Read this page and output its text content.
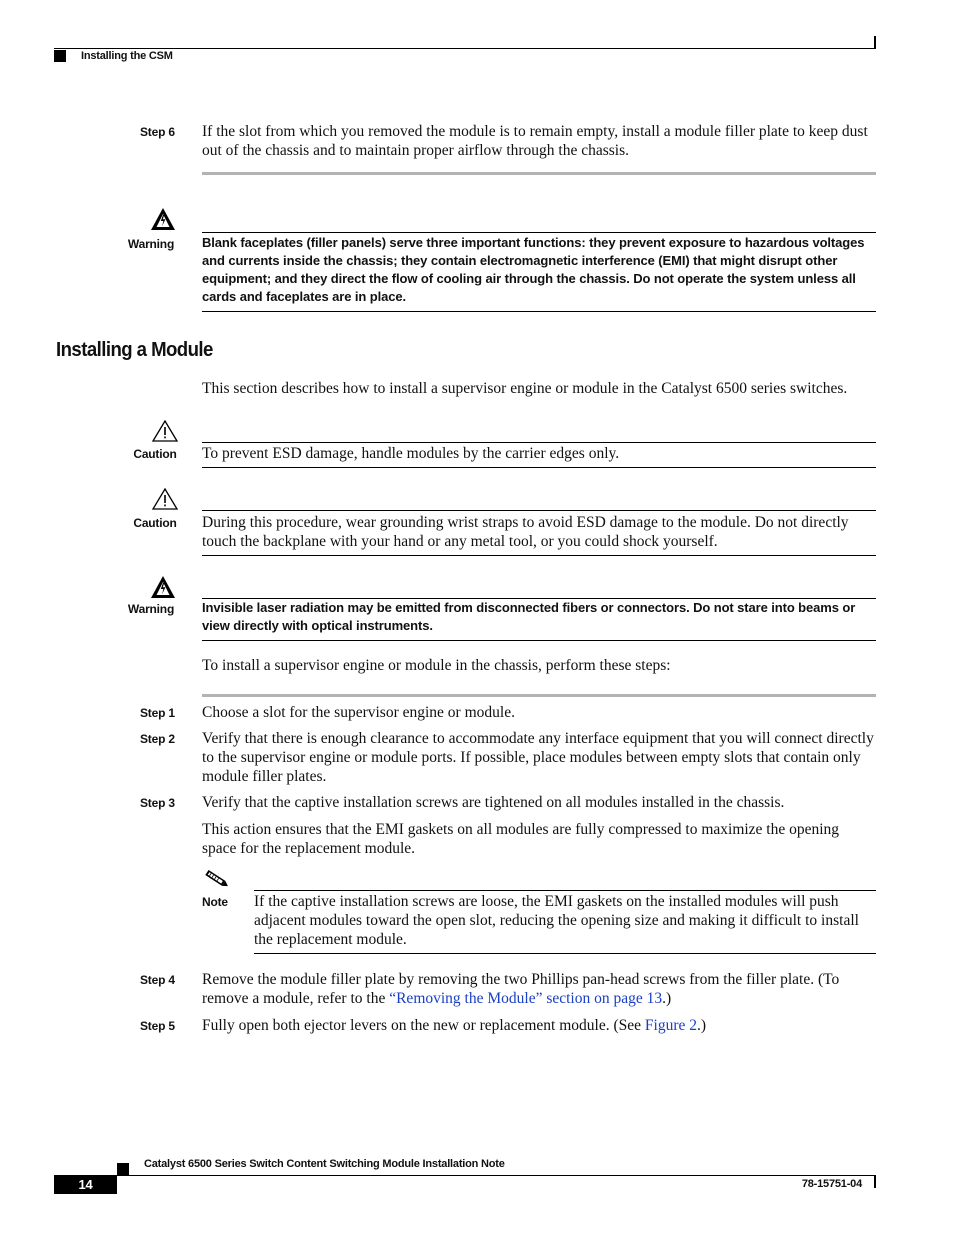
Installing the CSM
Step 6 If the slot from which you removed the module is to remain empty, install a module filler plate to keep dust out of the chassis and to maintain proper airflow through the chassis.
Warning	Blank faceplates (filler panels) serve three important functions: they prevent exposure to hazardous voltages and currents inside the chassis; they contain electromagnetic interference (EMI) that might disrupt other equipment; and they direct the flow of cooling air through the chassis. Do not operate the system unless all cards and faceplates are in place.
Installing a Module
This section describes how to install a supervisor engine or module in the Catalyst 6500 series switches.
Caution	To prevent ESD damage, handle modules by the carrier edges only.
Caution	During this procedure, wear grounding wrist straps to avoid ESD damage to the module. Do not directly touch the backplane with your hand or any metal tool, or you could shock yourself.
Warning	Invisible laser radiation may be emitted from disconnected fibers or connectors. Do not stare into beams or view directly with optical instruments.
To install a supervisor engine or module in the chassis, perform these steps:
Step 1 Choose a slot for the supervisor engine or module.
Step 2 Verify that there is enough clearance to accommodate any interface equipment that you will connect directly to the supervisor engine or module ports. If possible, place modules between empty slots that contain only module filler plates.
Step 3 Verify that the captive installation screws are tightened on all modules installed in the chassis.
This action ensures that the EMI gaskets on all modules are fully compressed to maximize the opening space for the replacement module.
Note If the captive installation screws are loose, the EMI gaskets on the installed modules will push adjacent modules toward the open slot, reducing the opening size and making it difficult to install the replacement module.
Step 4 Remove the module filler plate by removing the two Phillips pan-head screws from the filler plate. (To remove a module, refer to the “Removing the Module” section on page 13.)
Step 5 Fully open both ejector levers on the new or replacement module. (See Figure 2.)
Catalyst 6500 Series Switch Content Switching Module Installation Note
14	78-15751-04
